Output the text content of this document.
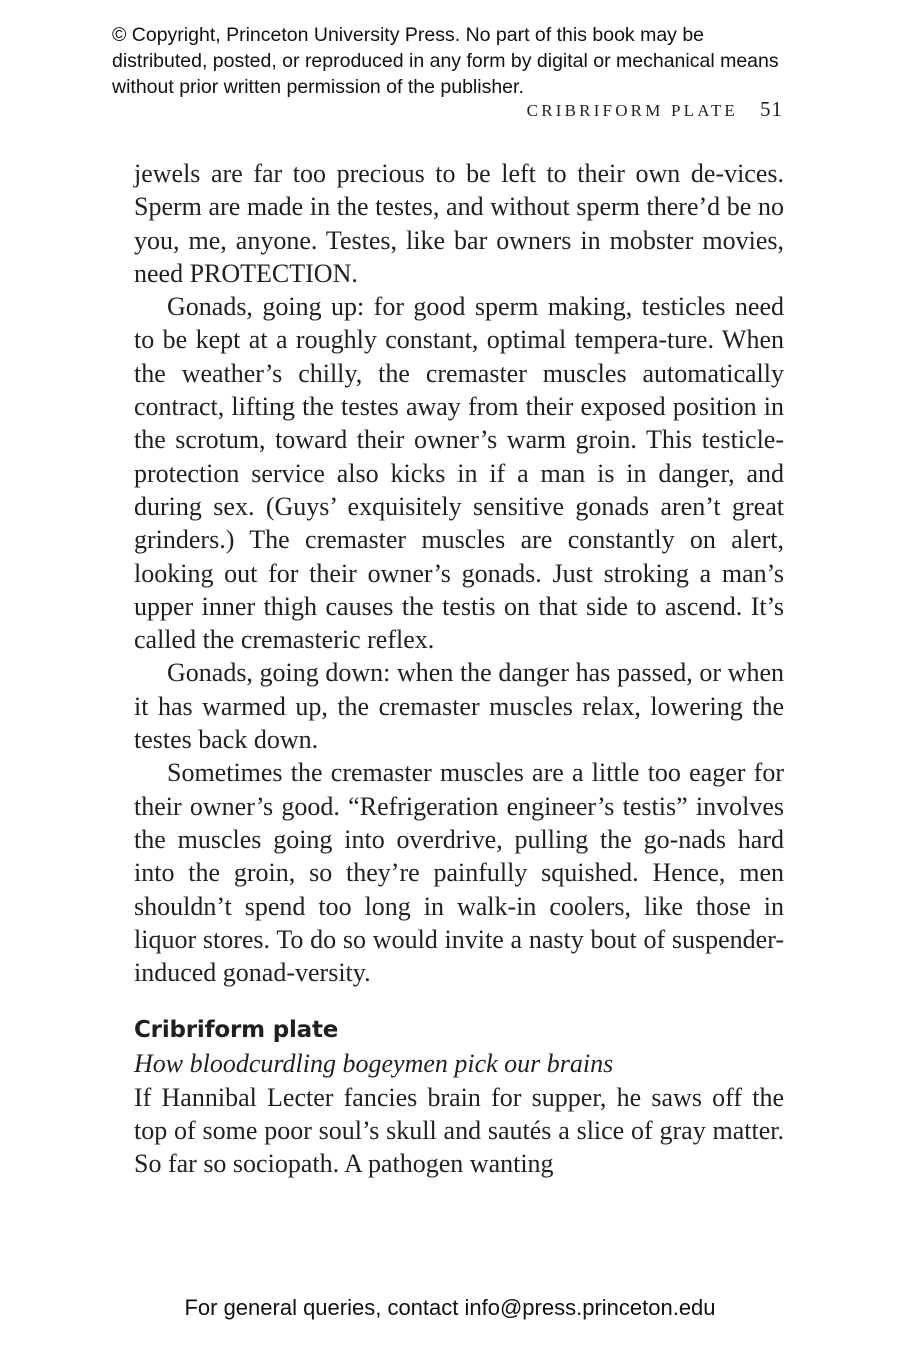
© Copyright, Princeton University Press. No part of this book may be distributed, posted, or reproduced in any form by digital or mechanical means without prior written permission of the publisher.
CRIBRIFORM PLATE 51

jewels are far too precious to be left to their own de-vices. Sperm are made in the testes, and without sperm there’d be no you, me, anyone. Testes, like bar owners in mobster movies, need PROTECTION.

Gonads, going up: for good sperm making, testicles need to be kept at a roughly constant, optimal tempera-ture. When the weather’s chilly, the cremaster muscles automatically contract, lifting the testes away from their exposed position in the scrotum, toward their owner’s warm groin. This testicle-protection service also kicks in if a man is in danger, and during sex. (Guys’ exquisitely sensitive gonads aren’t great grinders.) The cremaster muscles are constantly on alert, looking out for their owner’s gonads. Just stroking a man’s upper inner thigh causes the testis on that side to ascend. It’s called the cremasteric reflex.

Gonads, going down: when the danger has passed, or when it has warmed up, the cremaster muscles relax, lowering the testes back down.

Sometimes the cremaster muscles are a little too eager for their owner’s good. “Refrigeration engineer’s testis” involves the muscles going into overdrive, pulling the go-nads hard into the groin, so they’re painfully squished. Hence, men shouldn’t spend too long in walk-in coolers, like those in liquor stores. To do so would invite a nasty bout of suspender-induced gonad-versity.

Cribriform plate
How bloodcurdling bogeymen pick our brains

If Hannibal Lecter fancies brain for supper, he saws off the top of some poor soul’s skull and sautés a slice of gray matter. So far so sociopath. A pathogen wanting

For general queries, contact info@press.princeton.edu
